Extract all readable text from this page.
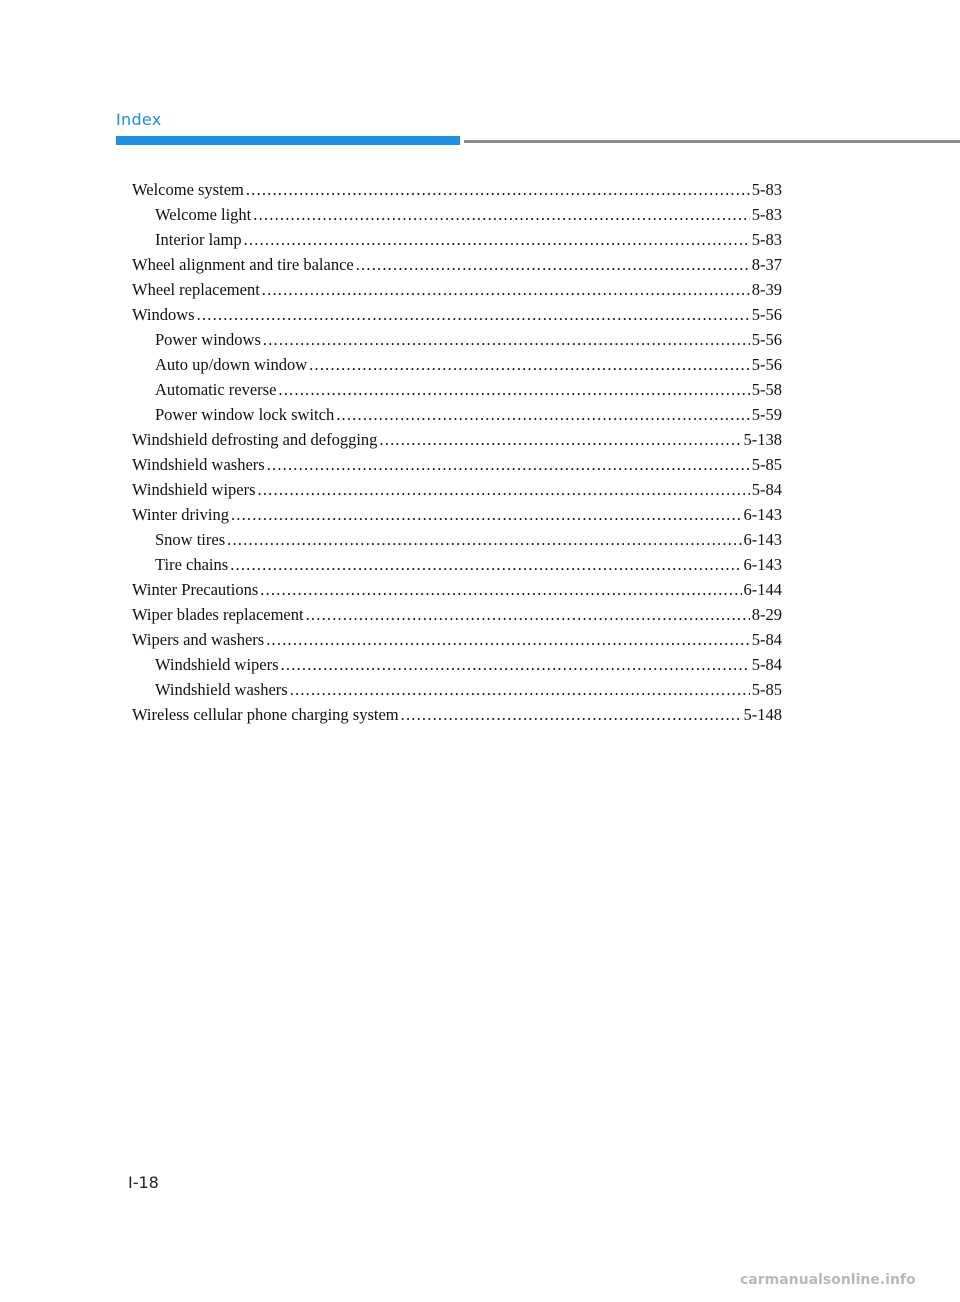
Index
Welcome system .....	5-83
Welcome light .....	5-83
Interior lamp .....	5-83
Wheel alignment and tire balance .....	8-37
Wheel replacement .....	8-39
Windows .....	5-56
Power windows .....	5-56
Auto up/down window .....	5-56
Automatic reverse .....	5-58
Power window lock switch .....	5-59
Windshield defrosting and defogging .....	5-138
Windshield washers .....	5-85
Windshield wipers .....	5-84
Winter driving .....	6-143
Snow tires .....	6-143
Tire chains .....	6-143
Winter Precautions .....	6-144
Wiper blades replacement .....	8-29
Wipers and washers .....	5-84
Windshield wipers .....	5-84
Windshield washers .....	5-85
Wireless cellular phone charging system .....	5-148
I-18
carmanualsonline.info
